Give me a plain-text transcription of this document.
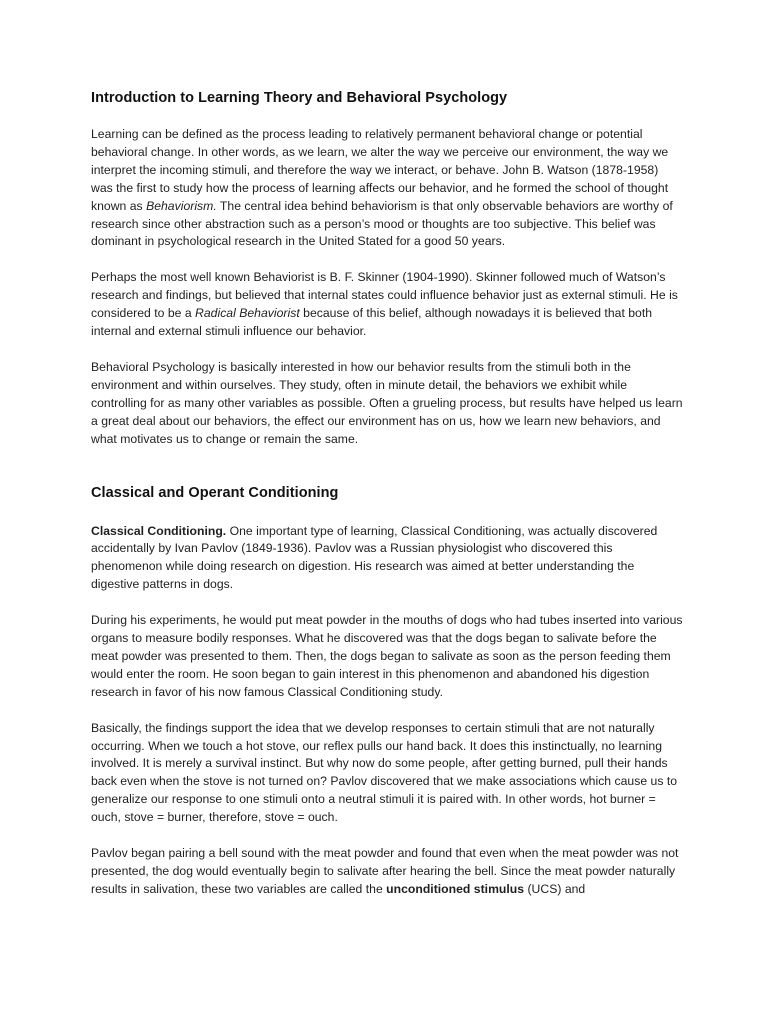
Introduction to Learning Theory and Behavioral Psychology

Learning can be defined as the process leading to relatively permanent behavioral change or potential behavioral change. In other words, as we learn, we alter the way we perceive our environment, the way we interpret the incoming stimuli, and therefore the way we interact, or behave. John B. Watson (1878-1958) was the first to study how the process of learning affects our behavior, and he formed the school of thought known as Behaviorism. The central idea behind behaviorism is that only observable behaviors are worthy of research since other abstraction such as a person’s mood or thoughts are too subjective. This belief was dominant in psychological research in the United Stated for a good 50 years.

Perhaps the most well known Behaviorist is B. F. Skinner (1904-1990). Skinner followed much of Watson’s research and findings, but believed that internal states could influence behavior just as external stimuli. He is considered to be a Radical Behaviorist because of this belief, although nowadays it is believed that both internal and external stimuli influence our behavior.

Behavioral Psychology is basically interested in how our behavior results from the stimuli both in the environment and within ourselves. They study, often in minute detail, the behaviors we exhibit while controlling for as many other variables as possible. Often a grueling process, but results have helped us learn a great deal about our behaviors, the effect our environment has on us, how we learn new behaviors, and what motivates us to change or remain the same.

Classical and Operant Conditioning

Classical Conditioning. One important type of learning, Classical Conditioning, was actually discovered accidentally by Ivan Pavlov (1849-1936). Pavlov was a Russian physiologist who discovered this phenomenon while doing research on digestion. His research was aimed at better understanding the digestive patterns in dogs.

During his experiments, he would put meat powder in the mouths of dogs who had tubes inserted into various organs to measure bodily responses. What he discovered was that the dogs began to salivate before the meat powder was presented to them. Then, the dogs began to salivate as soon as the person feeding them would enter the room. He soon began to gain interest in this phenomenon and abandoned his digestion research in favor of his now famous Classical Conditioning study.

Basically, the findings support the idea that we develop responses to certain stimuli that are not naturally occurring. When we touch a hot stove, our reflex pulls our hand back. It does this instinctually, no learning involved. It is merely a survival instinct. But why now do some people, after getting burned, pull their hands back even when the stove is not turned on? Pavlov discovered that we make associations which cause us to generalize our response to one stimuli onto a neutral stimuli it is paired with. In other words, hot burner = ouch, stove = burner, therefore, stove = ouch.

Pavlov began pairing a bell sound with the meat powder and found that even when the meat powder was not presented, the dog would eventually begin to salivate after hearing the bell. Since the meat powder naturally results in salivation, these two variables are called the unconditioned stimulus (UCS) and
